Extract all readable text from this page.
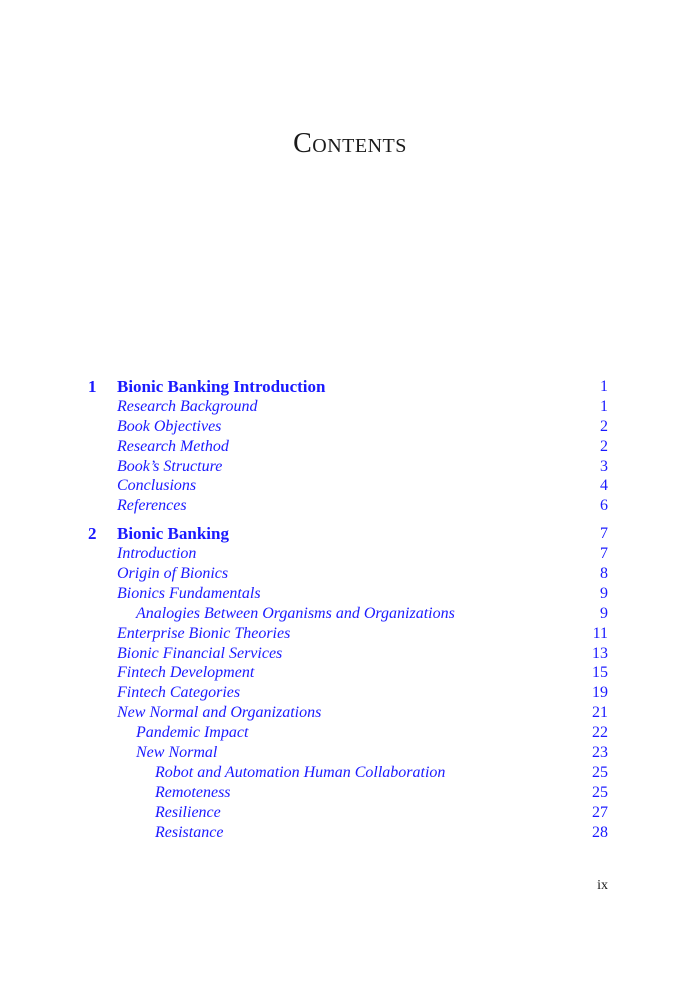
Contents
1 Bionic Banking Introduction	1
Research Background	1
Book Objectives	2
Research Method	2
Book’s Structure	3
Conclusions	4
References	6
2 Bionic Banking	7
Introduction	7
Origin of Bionics	8
Bionics Fundamentals	9
Analogies Between Organisms and Organizations	9
Enterprise Bionic Theories	11
Bionic Financial Services	13
Fintech Development	15
Fintech Categories	19
New Normal and Organizations	21
Pandemic Impact	22
New Normal	23
Robot and Automation Human Collaboration	25
Remoteness	25
Resilience	27
Resistance	28
ix
